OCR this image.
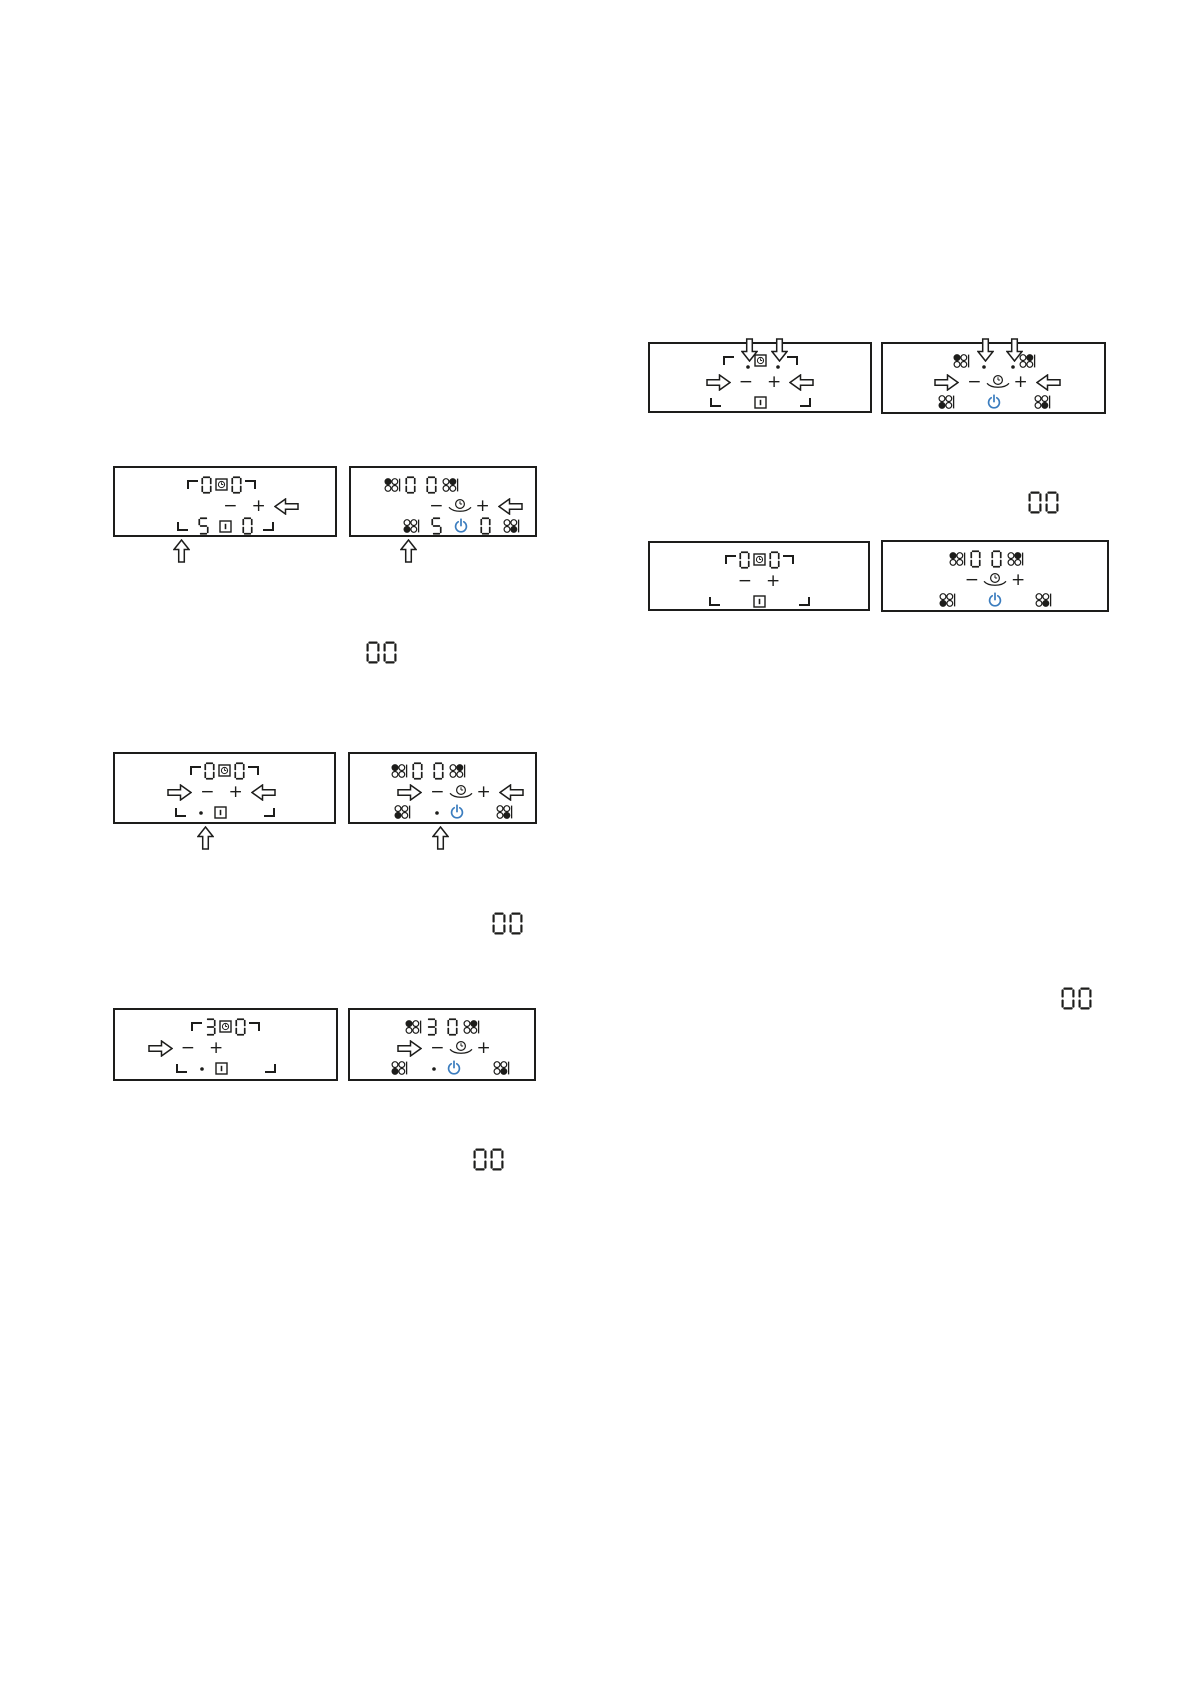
− +	− +
− +	− +
− +	− +
− +	− +
− +	− +
